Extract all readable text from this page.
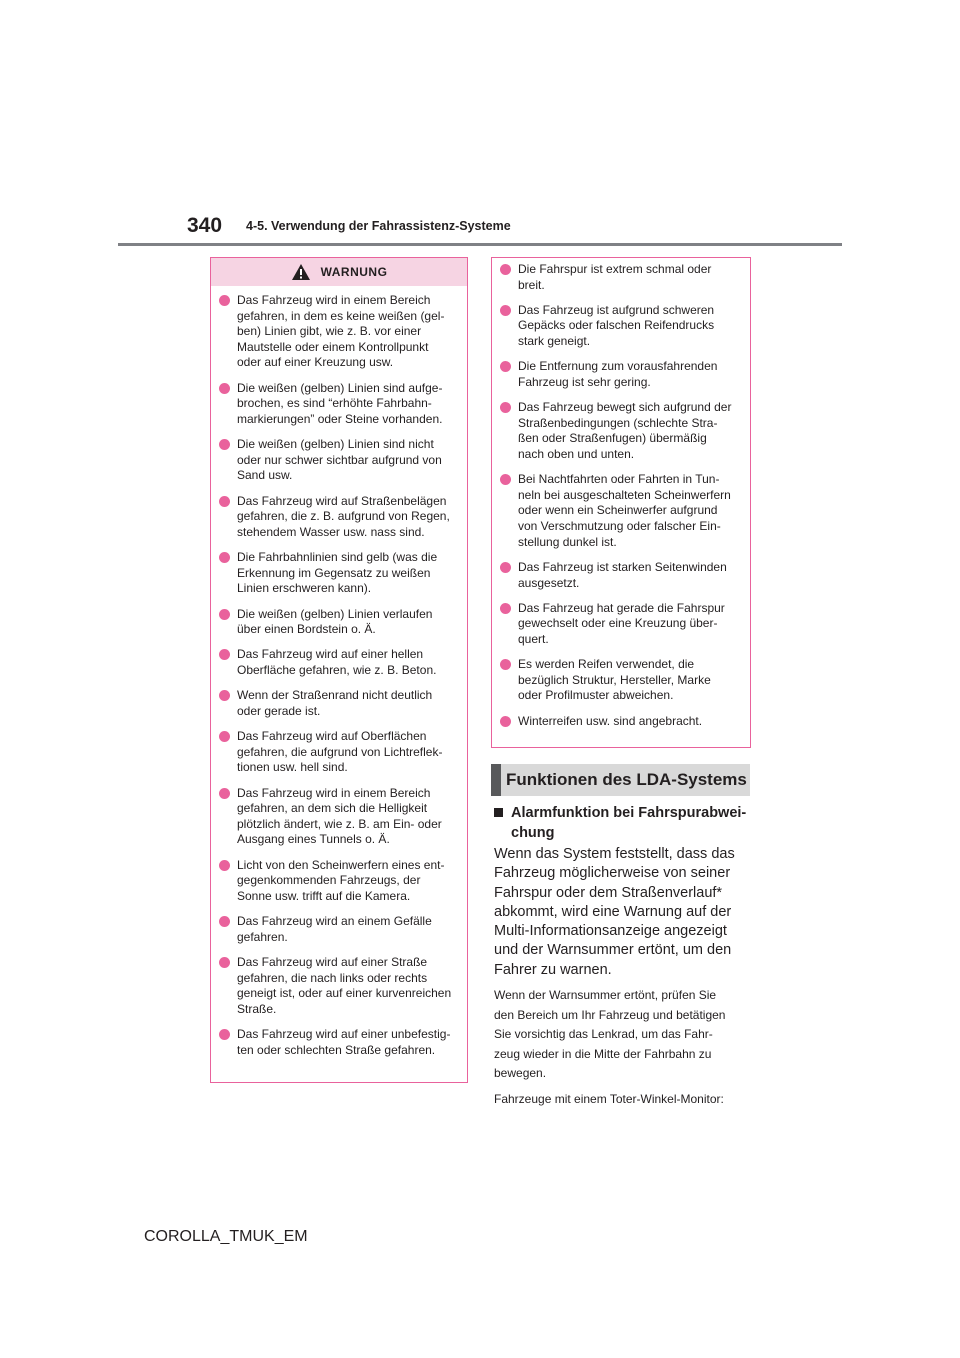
340 4-5. Verwendung der Fahrassistenz-Systeme
WARNUNG
Das Fahrzeug wird in einem Bereich
gefahren, in dem es keine weißen (gel-
ben) Linien gibt, wie z. B. vor einer
Mautstelle oder einem Kontrollpunkt
oder auf einer Kreuzung usw.
Die weißen (gelben) Linien sind aufge-
brochen, es sind “erhöhte Fahrbahn-
markierungen” oder Steine vorhanden.
Die weißen (gelben) Linien sind nicht
oder nur schwer sichtbar aufgrund von
Sand usw.
Das Fahrzeug wird auf Straßenbelägen
gefahren, die z. B. aufgrund von Regen,
stehendem Wasser usw. nass sind.
Die Fahrbahnlinien sind gelb (was die
Erkennung im Gegensatz zu weißen
Linien erschweren kann).
Die weißen (gelben) Linien verlaufen
über einen Bordstein o. Ä.
Das Fahrzeug wird auf einer hellen
Oberfläche gefahren, wie z. B. Beton.
Wenn der Straßenrand nicht deutlich
oder gerade ist.
Das Fahrzeug wird auf Oberflächen
gefahren, die aufgrund von Lichtreflek-
tionen usw. hell sind.
Das Fahrzeug wird in einem Bereich
gefahren, an dem sich die Helligkeit
plötzlich ändert, wie z. B. am Ein- oder
Ausgang eines Tunnels o. Ä.
Licht von den Scheinwerfern eines ent-
gegenkommenden Fahrzeugs, der
Sonne usw. trifft auf die Kamera.
Das Fahrzeug wird an einem Gefälle
gefahren.
Das Fahrzeug wird auf einer Straße
gefahren, die nach links oder rechts
geneigt ist, oder auf einer kurvenreichen
Straße.
Das Fahrzeug wird auf einer unbefestig-
ten oder schlechten Straße gefahren.
Die Fahrspur ist extrem schmal oder
breit.
Das Fahrzeug ist aufgrund schweren
Gepäcks oder falschen Reifendrucks
stark geneigt.
Die Entfernung zum vorausfahrenden
Fahrzeug ist sehr gering.
Das Fahrzeug bewegt sich aufgrund der
Straßenbedingungen (schlechte Stra-
ßen oder Straßenfugen) übermäßig
nach oben und unten.
Bei Nachtfahrten oder Fahrten in Tun-
neln bei ausgeschalteten Scheinwerfern
oder wenn ein Scheinwerfer aufgrund
von Verschmutzung oder falscher Ein-
stellung dunkel ist.
Das Fahrzeug ist starken Seitenwinden
ausgesetzt.
Das Fahrzeug hat gerade die Fahrspur
gewechselt oder eine Kreuzung über-
quert.
Es werden Reifen verwendet, die
bezüglich Struktur, Hersteller, Marke
oder Profilmuster abweichen.
Winterreifen usw. sind angebracht.
Funktionen des LDA-Systems
Alarmfunktion bei Fahrspurabwei-
chung
Wenn das System feststellt, dass das
Fahrzeug möglicherweise von seiner
Fahrspur oder dem Straßenverlauf*
abkommt, wird eine Warnung auf der
Multi-Informationsanzeige angezeigt
und der Warnsummer ertönt, um den
Fahrer zu warnen.
Wenn der Warnsummer ertönt, prüfen Sie
den Bereich um Ihr Fahrzeug und betätigen
Sie vorsichtig das Lenkrad, um das Fahr-
zeug wieder in die Mitte der Fahrbahn zu
bewegen.
Fahrzeuge mit einem Toter-Winkel-Monitor:
COROLLA_TMUK_EM
